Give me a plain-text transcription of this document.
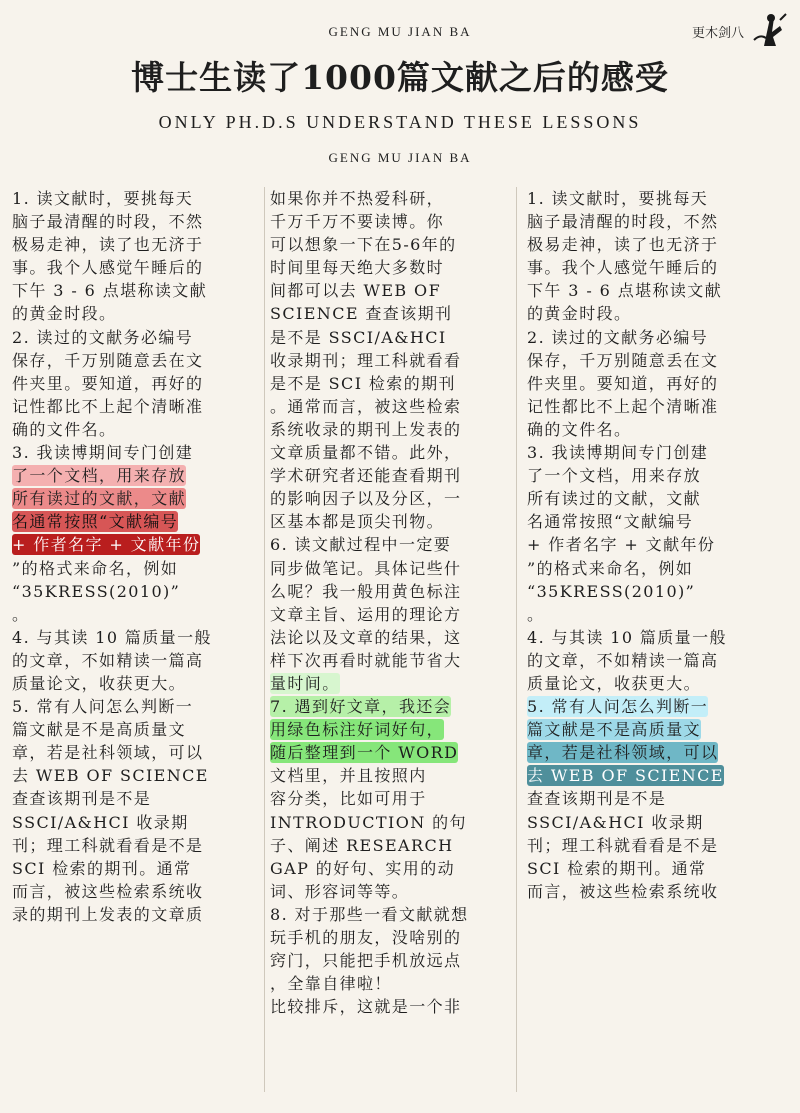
GENG MU JIAN BA	更木剑八
博士生读了1000篇文献之后的感受
ONLY PH.D.S UNDERSTAND THESE LESSONS
GENG MU JIAN BA
1. 读文献时，要挑每天
脑子最清醒的时段，不然
极易走神，读了也无济于
事。我个人感觉午睡后的
下午 3 - 6 点堪称读文献
的黄金时段。
2. 读过的文献务必编号
保存，千万别随意丢在文
件夹里。要知道，再好的
记性都比不上起个清晰准
确的文件名。
3. 我读博期间专门创建
了一个文档，用来存放
所有读过的文献，文献
名通常按照“文献编号
+ 作者名字 + 文献年份
”的格式来命名，例如
“35KRESS(2010)”
。
4. 与其读 10 篇质量一般
的文章，不如精读一篇高
质量论文，收获更大。
5. 常有人问怎么判断一
篇文献是不是高质量文
章，若是社科领域，可以
去 WEB OF SCIENCE
查查该期刊是不是
SSCI/A&HCI 收录期
刊；理工科就看看是不是
SCI 检索的期刊。通常
而言，被这些检索系统收
录的期刊上发表的文章质
如果你并不热爱科研，
千万千万不要读博。你
可以想象一下在5-6年的
时间里每天绝大多数时
间都可以去 WEB OF
SCIENCE 查查该期刊
是不是 SSCI/A&HCI
收录期刊；理工科就看看
是不是 SCI 检索的期刊
。通常而言，被这些检索
系统收录的期刊上发表的
文章质量都不错。此外，
学术研究者还能查看期刊
的影响因子以及分区，一
区基本都是顶尖刊物。
6. 读文献过程中一定要
同步做笔记。具体记些什
么呢？我一般用黄色标注
文章主旨、运用的理论方
法论以及文章的结果，这
样下次再看时就能节省大
量时间。
7. 遇到好文章，我还会
用绿色标注好词好句，
随后整理到一个 WORD
文档里，并且按照内
容分类，比如可用于
INTRODUCTION 的句
子、阐述 RESEARCH
GAP 的好句、实用的动
词、形容词等等。
8. 对于那些一看文献就想
玩手机的朋友，没啥别的
窍门，只能把手机放远点
，全靠自律啦！
比较排斥，这就是一个非
1. 读文献时，要挑每天
脑子最清醒的时段，不然
极易走神，读了也无济于
事。我个人感觉午睡后的
下午 3 - 6 点堪称读文献
的黄金时段。
2. 读过的文献务必编号
保存，千万别随意丢在文
件夹里。要知道，再好的
记性都比不上起个清晰准
确的文件名。
3. 我读博期间专门创建
了一个文档，用来存放
所有读过的文献，文献
名通常按照“文献编号
+ 作者名字 + 文献年份
”的格式来命名，例如
“35KRESS(2010)”
。
4. 与其读 10 篇质量一般
的文章，不如精读一篇高
质量论文，收获更大。
5. 常有人问怎么判断一
篇文献是不是高质量文
章，若是社科领域，可以
去 WEB OF SCIENCE
查查该期刊是不是
SSCI/A&HCI 收录期
刊；理工科就看看是不是
SCI 检索的期刊。通常
而言，被这些检索系统收
